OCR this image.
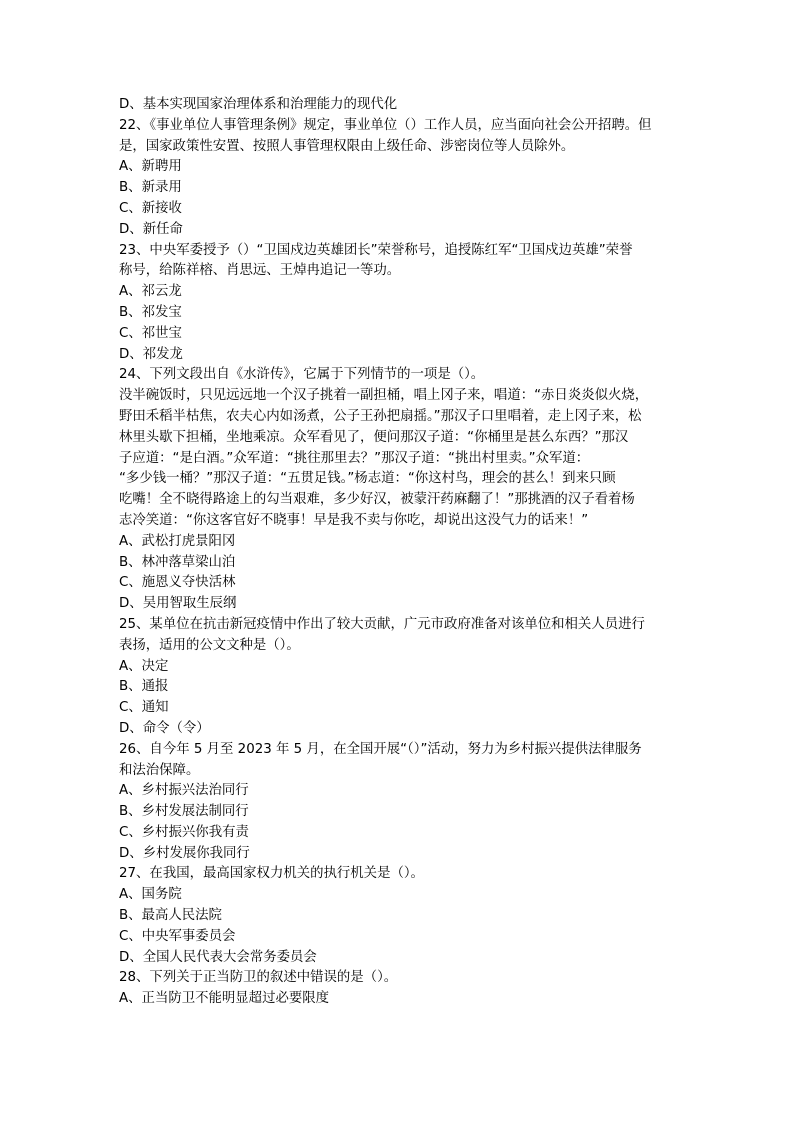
D、基本实现国家治理体系和治理能力的现代化
22、《事业单位人事管理条例》规定，事业单位（）工作人员，应当面向社会公开招聘。但
是，国家政策性安置、按照人事管理权限由上级任命、涉密岗位等人员除外。
A、新聘用
B、新录用
C、新接收
D、新任命
23、中央军委授予（）“卫国戍边英雄团长”荣誉称号，追授陈红军“卫国戍边英雄”荣誉
称号，给陈祥榕、肖思远、王焯冉追记一等功。
A、祁云龙
B、祁发宝
C、祁世宝
D、祁发龙
24、下列文段出自《水浒传》，它属于下列情节的一项是（）。
没半碗饭时，只见远远地一个汉子挑着一副担桶，唱上冈子来，唱道：“赤日炎炎似火烧，
野田禾稻半枯焦，农夫心内如汤煮，公子王孙把扇摇。”那汉子口里唱着，走上冈子来，松
林里头歇下担桶，坐地乘凉。众军看见了，便问那汉子道：“你桶里是甚么东西？”那汉
子应道：“是白酒。”众军道：“挑往那里去？”那汉子道：“挑出村里卖。”众军道：
“多少钱一桶？”那汉子道：“五贯足钱。”杨志道：“你这村鸟，理会的甚么！到来只顾
吃嘴！全不晓得路途上的勾当艰难，多少好汉，被蒙汗药麻翻了！”那挑酒的汉子看着杨
志冷笑道：“你这客官好不晓事！早是我不卖与你吃，却说出这没气力的话来！”
A、武松打虎景阳冈
B、林冲落草梁山泊
C、施恩义夺快活林
D、吴用智取生辰纲
25、某单位在抗击新冠疫情中作出了较大贡献，广元市政府准备对该单位和相关人员进行
表扬，适用的公文文种是（）。
A、决定
B、通报
C、通知
D、命令（令）
26、自今年 5 月至 2023 年 5 月，在全国开展“（）”活动，努力为乡村振兴提供法律服务
和法治保障。
A、乡村振兴法治同行
B、乡村发展法制同行
C、乡村振兴你我有责
D、乡村发展你我同行
27、在我国，最高国家权力机关的执行机关是（）。
A、国务院
B、最高人民法院
C、中央军事委员会
D、全国人民代表大会常务委员会
28、下列关于正当防卫的叙述中错误的是（）。
A、正当防卫不能明显超过必要限度
